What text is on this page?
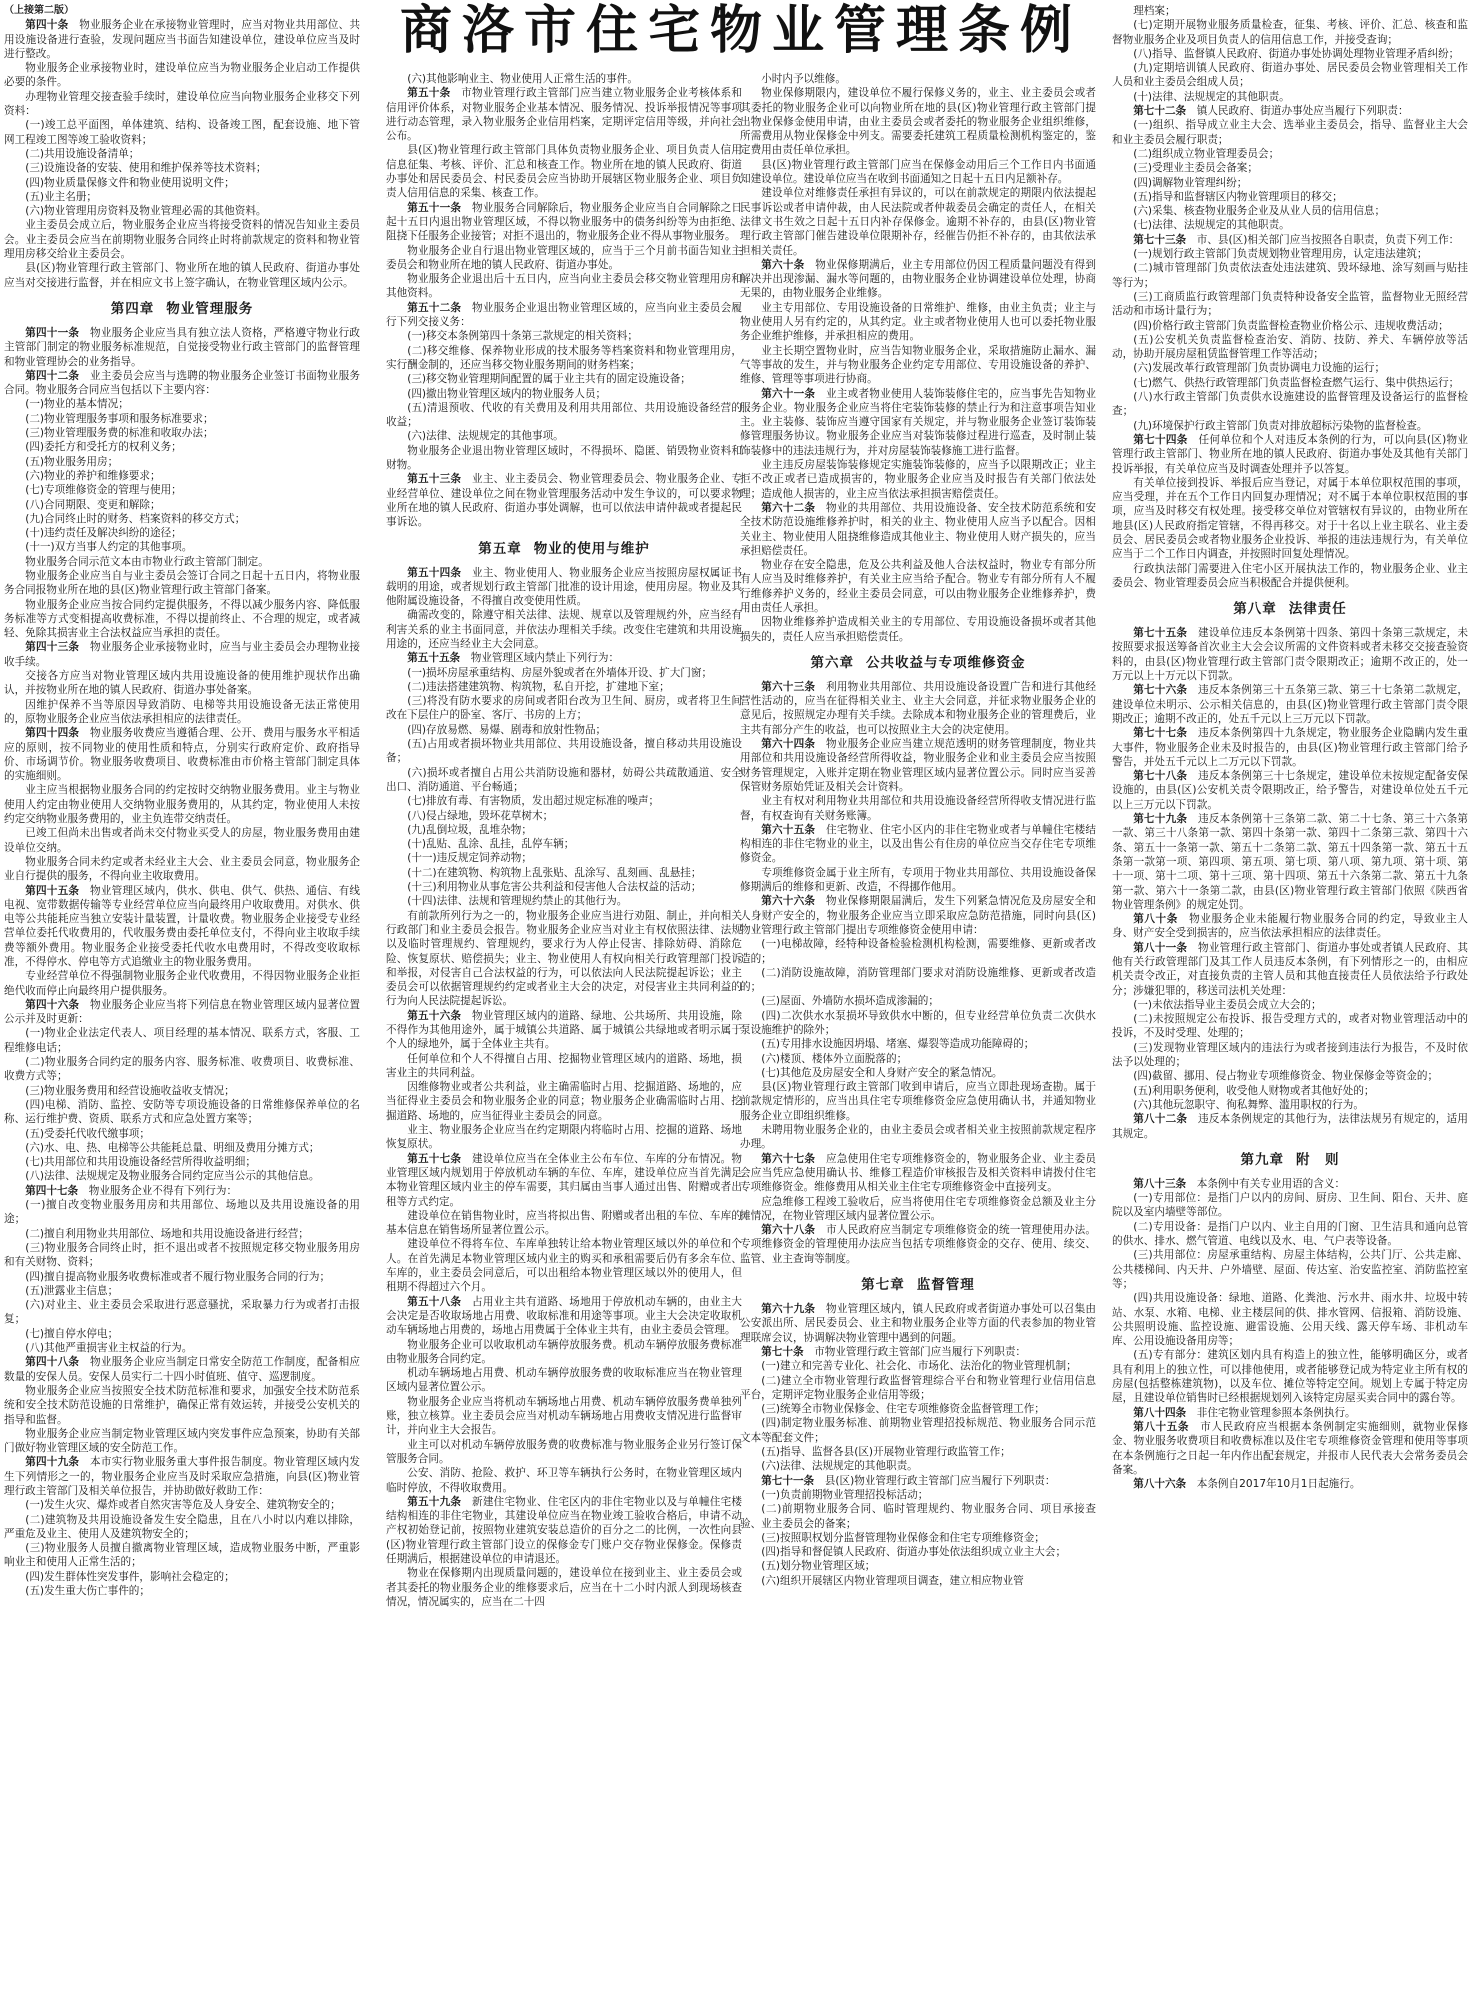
商洛市住宅物业管理条例
（上接第二版）

第四十条　物业服务企业在承接物业管理时，应当对物业共用部位、共用设施设备进行查验，发现问题应当书面告知建设单位，建设单位应当及时进行整改。

物业服务企业承接物业时，建设单位应当为物业服务企业启动工作提供必要的条件。

办理物业管理交接查验手续时，建设单位应当向物业服务企业移交下列资料：

(一)竣工总平面图，单体建筑、结构、设备竣工图，配套设施、地下管网工程竣工图等竣工验收资料；

(二)共用设施设备清单；

(三)设施设备的安装、使用和维护保养等技术资料；

(四)物业质量保修文件和物业使用说明文件；

(五)业主名册；

(六)物业管理用房资料及物业管理必需的其他资料。

业主委员会成立后，物业服务企业应当将接受资料的情况告知业主委员会。业主委员会应当在前期物业服务合同终止时将前款规定的资料和物业管理用房移交给业主委员会。

县(区)物业管理行政主管部门、物业所在地的镇人民政府、街道办事处应当对交接进行监督，并在相应文书上签字确认，在物业管理区域内公示。

第四章 物业管理服务

第四十一条　物业服务企业应当具有独立法人资格，严格遵守物业行政主管部门制定的物业服务标准规范，自觉接受物业行政主管部门的监督管理和物业管理协会的业务指导。

第四十二条　业主委员会应当与选聘的物业服务企业签订书面物业服务合同。物业服务合同应当包括以下主要内容：

(一)物业的基本情况；

(二)物业管理服务事项和服务标准要求；

(三)物业管理服务费的标准和收取办法；

(四)委托方和受托方的权利义务；

(五)物业服务用房；

(六)物业的养护和维修要求；

(七)专项维修资金的管理与使用；

(八)合同期限、变更和解除；

(九)合同终止时的财务、档案资料的移交方式；

(十)违约责任及解决纠纷的途径；

(十一)双方当事人约定的其他事项。

物业服务合同示范文本由市物业行政主管部门制定。

物业服务企业应当自与业主委员会签订合同之日起十五日内，将物业服务合同报物业所在地的县(区)物业管理行政主管部门备案。

物业服务企业应当按合同约定提供服务，不得以减少服务内容、降低服务标准等方式变相提高收费标准，不得以提前终止、不合理的规定，或者减轻、免除其损害业主合法权益应当承担的责任。

第四十三条　物业服务企业承接物业时，应当与业主委员会办理物业接收手续。

交接各方应当对物业管理区域内共用设施设备的使用维护现状作出确认，并按物业所在地的镇人民政府、街道办事处备案。

因维护保养不当等原因导致消防、电梯等共用设施设备无法正常使用的，原物业服务企业应当依法承担相应的法律责任。

第四十四条　物业服务收费应当遵循合理、公开、费用与服务水平相适应的原则，按不同物业的使用性质和特点，分别实行政府定价、政府指导价、市场调节价。物业服务收费项目、收费标准由市价格主管部门制定具体的实施细则。

业主应当根据物业服务合同的约定按时交纳物业服务费用。业主与物业使用人约定由物业使用人交纳物业服务费用的，从其约定，物业使用人未按约定交纳物业服务费用的，业主负连带交纳责任。

已竣工但尚未出售或者尚未交付物业买受人的房屋，物业服务费用由建设单位交纳。

物业服务合同未约定或者未经业主大会、业主委员会同意，物业服务企业自行提供的服务，不得向业主收取费用。

第四十五条　物业管理区域内，供水、供电、供气、供热、通信、有线电视、宽带数据传输等专业经营单位应当向最终用户收取费用。对供水、供电等公共能耗应当独立安装计量装置，计量收费。物业服务企业接受专业经营单位委托代收费用的，代收服务费由委托单位支付，不得向业主收取手续费等额外费用。物业服务企业接受委托代收水电费用时，不得改变收取标准，不得停水、停电等方式追缴业主的物业服务费用。

专业经营单位不得强制物业服务企业代收费用，不得因物业服务企业拒绝代收而停止向最终用户提供服务。

第四十六条　物业服务企业应当将下列信息在物业管理区域内显著位置公示并及时更新：

(一)物业企业法定代表人、项目经理的基本情况、联系方式，客服、工程维修电话；

(二)物业服务合同约定的服务内容、服务标准、收费项目、收费标准、收费方式等；

(三)物业服务费用和经营设施收益收支情况；

(四)电梯、消防、监控、安防等专项设施设备的日常维修保养单位的名称、运行维护费、资质、联系方式和应急处置方案等；

(五)受委托代收代缴事项；

(六)水、电、热、电梯等公共能耗总量、明细及费用分摊方式；

(七)共用部位和共用设施设备经营所得收益明细；

(八)法律、法规规定及物业服务合同约定应当公示的其他信息。

第四十七条　物业服务企业不得有下列行为：

(一)擅自改变物业服务用房和共用部位、场地以及共用设施设备的用途；

(二)擅自利用物业共用部位、场地和共用设施设备进行经营；

(三)物业服务合同终止时，拒不退出或者不按照规定移交物业服务用房和有关财物、资料；

(四)擅自提高物业服务收费标准或者不履行物业服务合同的行为；

(五)泄露业主信息；

(六)对业主、业主委员会采取进行恶意骚扰，采取暴力行为或者打击报复；

(七)擅自停水停电；

(八)其他严重损害业主权益的行为。

第四十八条　物业服务企业应当制定日常安全防范工作制度，配备相应数量的安保人员。安保人员实行二十四小时值班、值守、巡逻制度。

物业服务企业应当按照安全技术防范标准和要求，加强安全技术防范系统和安全技术防范设施的日常维护，确保正常有效运转，并接受公安机关的指导和监督。

物业服务企业应当制定物业管理区域内突发事件应急预案，协助有关部门做好物业管理区域的安全防范工作。

第四十九条　本市实行物业服务重大事件报告制度。物业管理区域内发生下列情形之一的，物业服务企业应当及时采取应急措施，向县(区)物业管理行政主管部门及相关单位报告，并协助做好救助工作：

(一)发生火灾、爆炸或者自然灾害等危及人身安全、建筑物安全的；

(二)建筑物及共用设施设备发生安全隐患，且在八小时以内难以排除，严重危及业主、使用人及建筑物安全的；

(三)物业服务人员擅自撤离物业管理区域，造成物业服务中断，严重影响业主和使用人正常生活的；

(四)发生群体性突发事件，影响社会稳定的；

(五)发生重大伤亡事件的；

(六)其他影响业主、物业使用人正常生活的事件。

第五十条　市物业管理行政主管部门应当建立物业服务企业考核体系和信用评价体系，对物业服务企业基本情况、服务情况、投诉举报情况等事项进行动态管理，录入物业服务企业信用档案，定期评定信用等级，并向社会公布。

县(区)物业管理行政主管部门具体负责物业服务企业、项目负责人信用信息征集、考核、评价、汇总和核查工作。物业所在地的镇人民政府、街道办事处和居民委员会、村民委员会应当协助开展辖区物业服务企业、项目负责人信用信息的采集、核查工作。

第五十一条　物业服务合同解除后，物业服务企业应当自合同解除之日起十五日内退出物业管理区域，不得以物业服务中的债务纠纷等为由拒绝、阻挠下任服务企业接管；对拒不退出的，物业服务企业不得从事物业服务。

物业服务企业自行退出物业管理区域的，应当于三个月前书面告知业主委员会和物业所在地的镇人民政府、街道办事处。

物业服务企业退出后十五日内，应当向业主委员会移交物业管理用房和其他资料。

第五十二条　物业服务企业退出物业管理区域的，应当向业主委员会履行下列交接义务：

(一)移交本条例第四十条第三款规定的相关资料；

(二)移交维修、保养物业形成的技术服务等档案资料和物业管理用房，实行酬金制的，还应当移交物业服务期间的财务档案；

(三)移交物业管理期间配置的属于业主共有的固定设施设备；

(四)撤出物业管理区域内的物业服务人员；

(五)清退预收、代收的有关费用及利用共用部位、共用设施设备经营的收益；

(六)法律、法规规定的其他事项。

物业服务企业退出物业管理区域时，不得损坏、隐匿、销毁物业资料和财物。

第五十三条　业主、业主委员会、物业管理委员会、物业服务企业、专业经营单位、建设单位之间在物业管理服务活动中发生争议的，可以要求物业所在地的镇人民政府、街道办事处调解，也可以依法申请仲裁或者提起民事诉讼。

第五章 物业的使用与维护

第五十四条　业主、物业使用人、物业服务企业应当按照房屋权属证书载明的用途，或者规划行政主管部门批准的设计用途，使用房屋。物业及其他附属设施设备，不得擅自改变使用性质。

确需改变的，除遵守相关法律、法规、规章以及管理规约外，应当经有利害关系的业主书面同意，并依法办理相关手续。改变住宅建筑和共用设施用途的，还应当经业主大会同意。

第五十五条　物业管理区域内禁止下列行为：

(一)损坏房屋承重结构、房屋外貌或者在外墙体开设、扩大门窗；

(二)违法搭建建筑物、构筑物，私自开挖，扩建地下室；

(三)将没有防水要求的房间或者阳台改为卫生间、厨房，或者将卫生间改在下层住户的卧室、客厅、书房的上方；

(四)存放易燃、易爆、剧毒和放射性物品；

(五)占用或者损坏物业共用部位、共用设施设备，擅自移动共用设施设备；

(六)损坏或者擅自占用公共消防设施和器材，妨碍公共疏散通道、安全出口、消防通道、平台畅通；

(七)排放有毒、有害物质，发出超过规定标准的噪声；

(八)侵占绿地，毁坏花草树木；

(九)乱倒垃圾，乱堆杂物；

(十)乱贴、乱涂、乱挂，乱停车辆；

(十一)违反规定饲养动物；

(十二)在建筑物、构筑物上乱张贴、乱涂写、乱刻画、乱悬挂；

(十三)利用物业从事危害公共利益和侵害他人合法权益的活动；

(十四)法律、法规和管理规约禁止的其他行为。

有前款所列行为之一的，物业服务企业应当进行劝阻、制止，并向相关行政部门和业主委员会报告。物业服务企业应当对业主有权依照法律、法规以及临时管理规约、管理规约，要求行为人停止侵害、排除妨碍、消除危险、恢复原状、赔偿损失；业主、物业使用人有权向相关行政管理部门投诉和举报，对侵害自己合法权益的行为，可以依法向人民法院提起诉讼；业主委员会可以依据管理规约约定或者业主大会的决定，对侵害业主共同利益的行为向人民法院提起诉讼。

第五十六条　物业管理区域内的道路、绿地、公共场所、共用设施，除不得作为其他用途外，属于城镇公共道路、属于城镇公共绿地或者明示属于个人的绿地外，属于全体业主共有。

任何单位和个人不得擅自占用、挖掘物业管理区域内的道路、场地，损害业主的共同利益。

因维修物业或者公共利益，业主确需临时占用、挖掘道路、场地的，应当征得业主委员会和物业服务企业的同意；物业服务企业确需临时占用、挖掘道路、场地的，应当征得业主委员会的同意。

业主、物业服务企业应当在约定期限内将临时占用、挖掘的道路、场地恢复原状。

第五十七条　建设单位应当在全体业主公布车位、车库的分布情况。物业管理区域内规划用于停放机动车辆的车位、车库，建设单位应当首先满足本物业管理区域内业主的停车需要，其归属由当事人通过出售、附赠或者出租等方式约定。

建设单位在销售物业时，应当将拟出售、附赠或者出租的车位、车库的基本信息在销售场所显著位置公示。

建设单位不得将车位、车库单独转让给本物业管理区域以外的单位和个人。在首先满足本物业管理区域内业主的购买和承租需要后仍有多余车位、车库的，业主委员会同意后，可以出租给本物业管理区域以外的使用人，但租期不得超过六个月。

第五十八条　占用业主共有道路、场地用于停放机动车辆的，由业主大会决定是否收取场地占用费、收取标准和用途等事项。业主大会决定收取机动车辆场地占用费的，场地占用费属于全体业主共有，由业主委员会管理。

物业服务企业可以收取机动车辆停放服务费。机动车辆停放服务费标准由物业服务合同约定。

机动车辆场地占用费、机动车辆停放服务费的收取标准应当在物业管理区域内显著位置公示。

物业服务企业应当将机动车辆场地占用费、机动车辆停放服务费单独列账，独立核算。业主委员会应当对机动车辆场地占用费收支情况进行监督审计，并向业主大会报告。

业主可以对机动车辆停放服务费的收费标准与物业服务企业另行签订保管服务合同。

公安、消防、抢险、救护、环卫等车辆执行公务时，在物业管理区域内临时停放，不得收取费用。

第五十九条　新建住宅物业、住宅区内的非住宅物业以及与单幢住宅楼结构相连的非住宅物业，其建设单位应当在物业竣工验收合格后，申请不动产权初始登记前，按照物业建筑安装总造价的百分之二的比例，一次性向县(区)物业管理行政主管部门设立的保修金专门账户交存物业保修金。保修责任期满后，根据建设单位的申请退还。

物业在保修期内出现质量问题的，建设单位在接到业主、业主委员会或者其委托的物业服务企业的维修要求后，应当在十二小时内派人到现场核查情况，情况属实的，应当在二十四

小时内予以维修。

物业保修期限内，建设单位不履行保修义务的，业主、业主委员会或者其委托的物业服务企业可以向物业所在地的县(区)物业管理行政主管部门提出物业保修金使用申请，由业主委员会或者委托的物业服务企业组织维修，所需费用从物业保修金中列支。需要委托建筑工程质量检测机构鉴定的，鉴定费用由责任单位承担。

县(区)物业管理行政主管部门应当在保修金动用后三个工作日内书面通知建设单位。建设单位应当在收到书面通知之日起十五日内足额补存。

建设单位对维修责任承担有异议的，可以在前款规定的期限内依法提起民事诉讼或者申请仲裁，由人民法院或者仲裁委员会确定的责任人，在相关法律文书生效之日起十五日内补存保修金。逾期不补存的，由县(区)物业管理行政主管部门催告建设单位限期补存，经催告仍拒不补存的，由其依法承担相关责任。

第六十条　物业保修期满后，业主专用部位仍因工程质量问题没有得到解决并出现渗漏、漏水等问题的，由物业服务企业协调建设单位处理，协商无果的，由物业服务企业维修。

业主专用部位、专用设施设备的日常维护、维修，由业主负责；业主与物业使用人另有约定的，从其约定。业主或者物业使用人也可以委托物业服务企业维护维修，并承担相应的费用。

业主长期空置物业时，应当告知物业服务企业，采取措施防止漏水、漏气等事故的发生，并与物业服务企业约定专用部位、专用设施设备的养护、维修、管理等事项进行协商。

第六十一条　业主或者物业使用人装饰装修住宅的，应当事先告知物业服务企业。物业服务企业应当将住宅装饰装修的禁止行为和注意事项告知业主。业主装修、装饰应当遵守国家有关规定，并与物业服务企业签订装饰装修管理服务协议。物业服务企业应当对装饰装修过程进行巡查，及时制止装饰装修中的违法违规行为，并对房屋装饰装修施工进行监督。

业主违反房屋装饰装修规定实施装饰装修的，应当予以限期改正；业主拒不改正或者已造成损害的，物业服务企业应当及时报告有关部门依法处理；造成他人损害的，业主应当依法承担损害赔偿责任。

第六十二条　物业的共用部位、共用设施设备、安全技术防范系统和安全技术防范设施维修养护时，相关的业主、物业使用人应当予以配合。因相关业主、物业使用人阻挠维修造成其他业主、物业使用人财产损失的，应当承担赔偿责任。

物业存在安全隐患，危及公共利益及他人合法权益时，物业专有部分所有人应当及时维修养护，有关业主应当给予配合。物业专有部分所有人不履行维修养护义务的，经业主委员会同意，可以由物业服务企业维修养护，费用由责任人承担。

因物业维修养护造成相关业主的专用部位、专用设施设备损坏或者其他损失的，责任人应当承担赔偿责任。

第六章 公共收益与专项维修资金

第六十三条　利用物业共用部位、共用设施设备设置广告和进行其他经营性活动的，应当在征得相关业主、业主大会同意，并征求物业服务企业的意见后，按照规定办理有关手续。去除成本和物业服务企业的管理费后，业主共有部分产生的收益，也可以按照业主大会的决定使用。

第六十四条　物业服务企业应当建立规范透明的财务管理制度，物业共用部位和共用设施设备经营所得收益，物业服务企业和业主委员会应当按照财务管理规定，入账并定期在物业管理区域内显著位置公示。同时应当妥善保管财务原始凭证及相关会计资料。

业主有权对利用物业共用部位和共用设施设备经营所得收支情况进行监督，有权查询有关财务账簿。

第六十五条　住宅物业、住宅小区内的非住宅物业或者与单幢住宅楼结构相连的非住宅物业的业主，以及出售公有住房的单位应当交存住宅专项维修资金。

专项维修资金属于业主所有，专项用于物业共用部位、共用设施设备保修期满后的维修和更新、改造，不得挪作他用。

第六十六条　物业保修期限届满后，发生下列紧急情况危及房屋安全和人身财产安全的，物业服务企业应当立即采取应急防范措施，同时向县(区)物业管理行政主管部门提出专项维修资金使用申请：

(一)电梯故障，经特种设备检验检测机构检测，需要维修、更新或者改造的；

(二)消防设施故障，消防管理部门要求对消防设施维修、更新或者改造的；

(三)屋面、外墙防水损坏造成渗漏的；

(四)二次供水水泵损坏导致供水中断的，但专业经营单位负责二次供水泵设施维护的除外；

(五)专用排水设施因坍塌、堵塞、爆裂等造成功能障碍的；

(六)楼顶、楼体外立面脱落的；

(七)其他危及房屋安全和人身财产安全的紧急情况。

县(区)物业管理行政主管部门收到申请后，应当立即赴现场查勘。属于前款规定情形的，应当出具住宅专项维修资金应急使用确认书，并通知物业服务企业立即组织维修。

未聘用物业服务企业的，由业主委员会或者相关业主按照前款规定程序办理。

第六十七条　应急使用住宅专项维修资金的，物业服务企业、业主委员会应当凭应急使用确认书、维修工程造价审核报告及相关资料申请拨付住宅专项维修资金。维修费用从相关业主住宅专项维修资金中直接列支。

应急维修工程竣工验收后，应当将使用住宅专项维修资金总额及业主分摊情况，在物业管理区域内显著位置公示。

第六十八条　市人民政府应当制定专项维修资金的统一管理使用办法。专项维修资金的管理使用办法应当包括专项维修资金的交存、使用、续交、监管、业主查询等制度。

第七章 监督管理

第六十九条　物业管理区域内，镇人民政府或者街道办事处可以召集由公安派出所、居民委员会、业主和物业服务企业等方面的代表参加的物业管理联席会议，协调解决物业管理中遇到的问题。

第七十条　市物业管理行政主管部门应当履行下列职责：

(一)建立和完善专业化、社会化、市场化、法治化的物业管理机制；

(二)建立全市物业管理行政监督管理综合平台和物业管理行业信用信息平台，定期评定物业服务企业信用等级；

(三)统筹全市物业保修金、住宅专项维修资金监督管理工作；

(四)制定物业服务标准、前期物业管理招投标规范、物业服务合同示范文本等配套文件；

(五)指导、监督各县(区)开展物业管理行政监管工作；

(六)法律、法规规定的其他职责。

第七十一条　县(区)物业管理行政主管部门应当履行下列职责：

(一)负责前期物业管理招投标活动；

(二)前期物业服务合同、临时管理规约、物业服务合同、项目承接查验、业主委员会的备案；

(三)按照职权划分监督管理物业保修金和住宅专项维修资金；

(四)指导和督促镇人民政府、街道办事处依法组织成立业主大会；

(五)划分物业管理区域；

(六)组织开展辖区内物业管理项目调查，建立相应物业管

理档案；

(七)定期开展物业服务质量检查，征集、考核、评价、汇总、核查和监督物业服务企业及项目负责人的信用信息工作，并接受查询；

(八)指导、监督镇人民政府、街道办事处协调处理物业管理矛盾纠纷；

(九)定期培训镇人民政府、街道办事处、居民委员会物业管理相关工作人员和业主委员会组成人员；

(十)法律、法规规定的其他职责。

第七十二条　镇人民政府、街道办事处应当履行下列职责：

(一)组织、指导成立业主大会、选举业主委员会，指导、监督业主大会和业主委员会履行职责；

(二)组织成立物业管理委员会；

(三)受理业主委员会备案；

(四)调解物业管理纠纷；

(五)指导和监督辖区内物业管理项目的移交；

(六)采集、核查物业服务企业及从业人员的信用信息；

(七)法律、法规规定的其他职责。

第七十三条　市、县(区)相关部门应当按照各自职责，负责下列工作：

(一)规划行政主管部门负责规划物业管理用房，认定违法建筑；

(二)城市管理部门负责依法查处违法建筑、毁坏绿地、涂写刻画与贴挂等行为；

(三)工商质监行政管理部门负责特种设备安全监管，监督物业无照经营活动和市场计量行为；

(四)价格行政主管部门负责监督检查物业价格公示、违规收费活动；

(五)公安机关负责监督检查治安、消防、技防、养犬、车辆停放等活动，协助开展房屋租赁监督管理工作等活动；

(六)发展改革行政管理部门负责协调电力设施的运行；

(七)燃气、供热行政管理部门负责监督检查燃气运行、集中供热运行；

(八)水行政主管部门负责供水设施建设的监督管理及设备运行的监督检查；

(九)环境保护行政主管部门负责对排放超标污染物的监督检查。

第七十四条　任何单位和个人对违反本条例的行为，可以向县(区)物业管理行政主管部门、物业所在地的镇人民政府、街道办事处及其他有关部门投诉举报，有关单位应当及时调查处理并予以答复。

有关单位接到投诉、举报后应当登记，对属于本单位职权范围的事项，应当受理，并在五个工作日内回复办理情况；对不属于本单位职权范围的事项，应当及时移交有权处理。接受移交单位对管辖权有异议的，由物业所在地县(区)人民政府指定管辖，不得再移交。对于十名以上业主联名、业主委员会、居民委员会或者物业服务企业投诉、举报的违法违规行为，有关单位应当于二个工作日内调查，并按照时回复处理情况。

行政执法部门需要进入住宅小区开展执法工作的，物业服务企业、业主委员会、物业管理委员会应当积极配合并提供便利。

第八章 法律责任

第七十五条　建设单位违反本条例第十四条、第四十条第三款规定，未按照要求报送筹备首次业主大会会议所需的文件资料或者未移交交接查验资料的，由县(区)物业管理行政主管部门责令限期改正；逾期不改正的，处一万元以上十万元以下罚款。

第七十六条　违反本条例第三十五条第三款、第三十七条第二款规定，建设单位未明示、公示相关信息的，由县(区)物业管理行政主管部门责令限期改正；逾期不改正的，处五千元以上三万元以下罚款。

第七十七条　违反本条例第四十九条规定，物业服务企业隐瞒内发生重大事件，物业服务企业未及时报告的，由县(区)物业管理行政主管部门给予警告，并处五千元以上二万元以下罚款。

第七十八条　违反本条例第三十七条规定，建设单位未按规定配备安保设施的，由县(区)公安机关责令限期改正，给予警告，对建设单位处五千元以上三万元以下罚款。

第七十九条　违反本条例第十三条第二款、第二十七条、第三十六条第一款、第三十八条第一款、第四十条第一款、第四十二条第三款、第四十六条、第五十一条第一款、第五十二条第二款、第五十四条第一款、第五十五条第一款第一项、第四项、第五项、第七项、第八项、第九项、第十项、第十一项、第十二项、第十三项、第十四项、第五十六条第二款、第五十九条第一款、第六十一条第二款，由县(区)物业管理行政主管部门依照《陕西省物业管理条例》的规定处罚。

第八十条　物业服务企业未能履行物业服务合同的约定，导致业主人身、财产安全受到损害的，应当依法承担相应的法律责任。

第八十一条　物业管理行政主管部门、街道办事处或者镇人民政府、其他有关行政管理部门及其工作人员违反本条例，有下列情形之一的，由相应机关责令改正，对直接负责的主管人员和其他直接责任人员依法给予行政处分；涉嫌犯罪的，移送司法机关处理：

(一)未依法指导业主委员会成立大会的；

(二)未按照规定公布投诉、报告受理方式的，或者对物业管理活动中的投诉，不及时受理、处理的；

(三)发现物业管理区域内的违法行为或者接到违法行为报告，不及时依法予以处理的；

(四)截留、挪用、侵占物业专项维修资金、物业保修金等资金的；

(五)利用职务便利，收受他人财物或者其他好处的；

(六)其他玩忽职守、徇私舞弊、滥用职权的行为。

第八十二条　违反本条例规定的其他行为，法律法规另有规定的，适用其规定。

第九章 附　则

第八十三条　本条例中有关专业用语的含义：

(一)专用部位：是指门户以内的房间、厨房、卫生间、阳台、天井、庭院以及室内墙壁等部位。

(二)专用设备：是指门户以内、业主自用的门窗、卫生洁具和通向总管的供水、排水、燃气管道、电线以及水、电、气户表等设备。

(三)共用部位：房屋承重结构、房屋主体结构，公共门厅、公共走廊、公共楼梯间、内天井、户外墙壁、屋面、传达室、治安监控室、消防监控室等；

(四)共用设施设备：绿地、道路、化粪池、污水井、雨水井、垃圾中转站、水泵、水箱、电梯、业主楼层间的供、排水管网、信报箱、消防设施、公共照明设施、监控设施、避雷设施、公用天线、露天停车场、非机动车库、公用设施设备用房等；

(五)专有部分：建筑区划内具有构造上的独立性，能够明确区分，或者具有利用上的独立性，可以排他使用，或者能够登记成为特定业主所有权的房屋(包括整栋建筑物)，以及车位、摊位等特定空间。规划上专属于特定房屋，且建设单位销售时已经根据规划列入该特定房屋买卖合同中的露台等。

第八十四条　非住宅物业管理参照本条例执行。

第八十五条　市人民政府应当根据本条例制定实施细则，就物业保修金、物业服务收费项目和收费标准以及住宅专项维修资金管理和使用等事项在本条例施行之日起一年内作出配套规定，并报市人民代表大会常务委员会备案。

第八十六条　本条例自2017年10月1日起施行。
